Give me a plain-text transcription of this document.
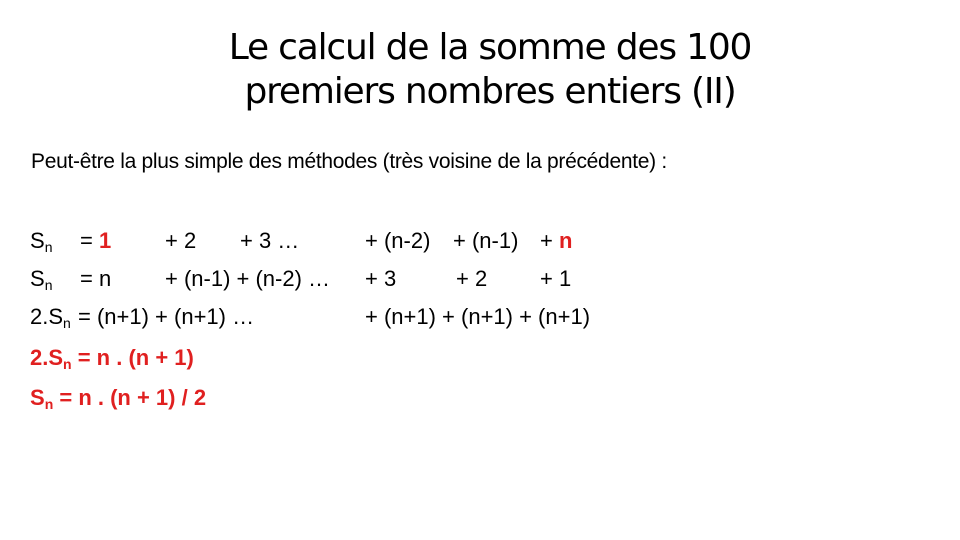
Le calcul de la somme des 100
premiers nombres entiers (II)
Peut-être la plus simple des méthodes (très voisine de la précédente) :
$S_n = 1 + 2 + 3$ …	+ (n-2) + (n-1) + n
$S_n = n + (n-1) + (n-2)$ … + 3	+ 2 + 1
$2.S_n = (n+1) + (n+1)$ …	+ (n+1) + (n+1) + (n+1)
$2.S_n = n$ . (n + 1)
$S_n = n$ . (n + 1) / 2
